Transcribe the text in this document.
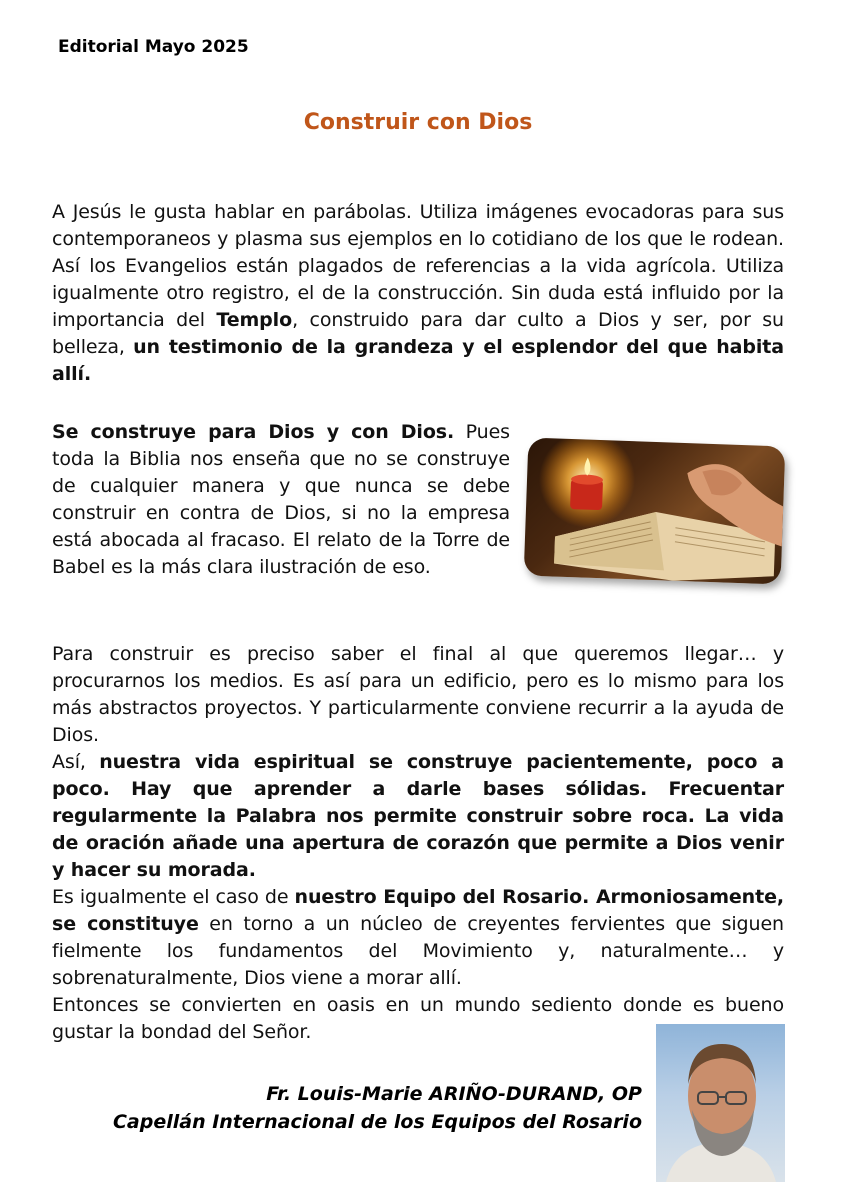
Editorial Mayo 2025
Construir con Dios
A Jesús le gusta hablar en parábolas. Utiliza imágenes evocadoras para sus contemporaneos y plasma sus ejemplos en lo cotidiano de los que le rodean. Así los Evangelios están plagados de referencias a la vida agrícola. Utiliza igualmente otro registro, el de la construcción. Sin duda está influido por la importancia del Templo, construido para dar culto a Dios y ser, por su belleza, un testimonio de la grandeza y el esplendor del que habita allí.
Se construye para Dios y con Dios. Pues toda la Biblia nos enseña que no se construye de cualquier manera y que nunca se debe construir en contra de Dios, si no la empresa está abocada al fracaso. El relato de la Torre de Babel es la más clara ilustración de eso.
Para construir es preciso saber el final al que queremos llegar… y procurarnos los medios. Es así para un edificio, pero es lo mismo para los más abstractos proyectos. Y particularmente conviene recurrir a la ayuda de Dios.
Así, nuestra vida espiritual se construye pacientemente, poco a poco. Hay que aprender a darle bases sólidas. Frecuentar regularmente la Palabra nos permite construir sobre roca. La vida de oración añade una apertura de corazón que permite a Dios venir y hacer su morada.
Es igualmente el caso de nuestro Equipo del Rosario. Armoniosamente, se constituye en torno a un núcleo de creyentes fervientes que siguen fielmente los fundamentos del Movimiento y, naturalmente… y sobrenaturalmente, Dios viene a morar allí.
Entonces se convierten en oasis en un mundo sediento donde es bueno gustar la bondad del Señor.
Fr. Louis-Marie ARIÑO-DURAND, OP
Capellán Internacional de los Equipos del Rosario
